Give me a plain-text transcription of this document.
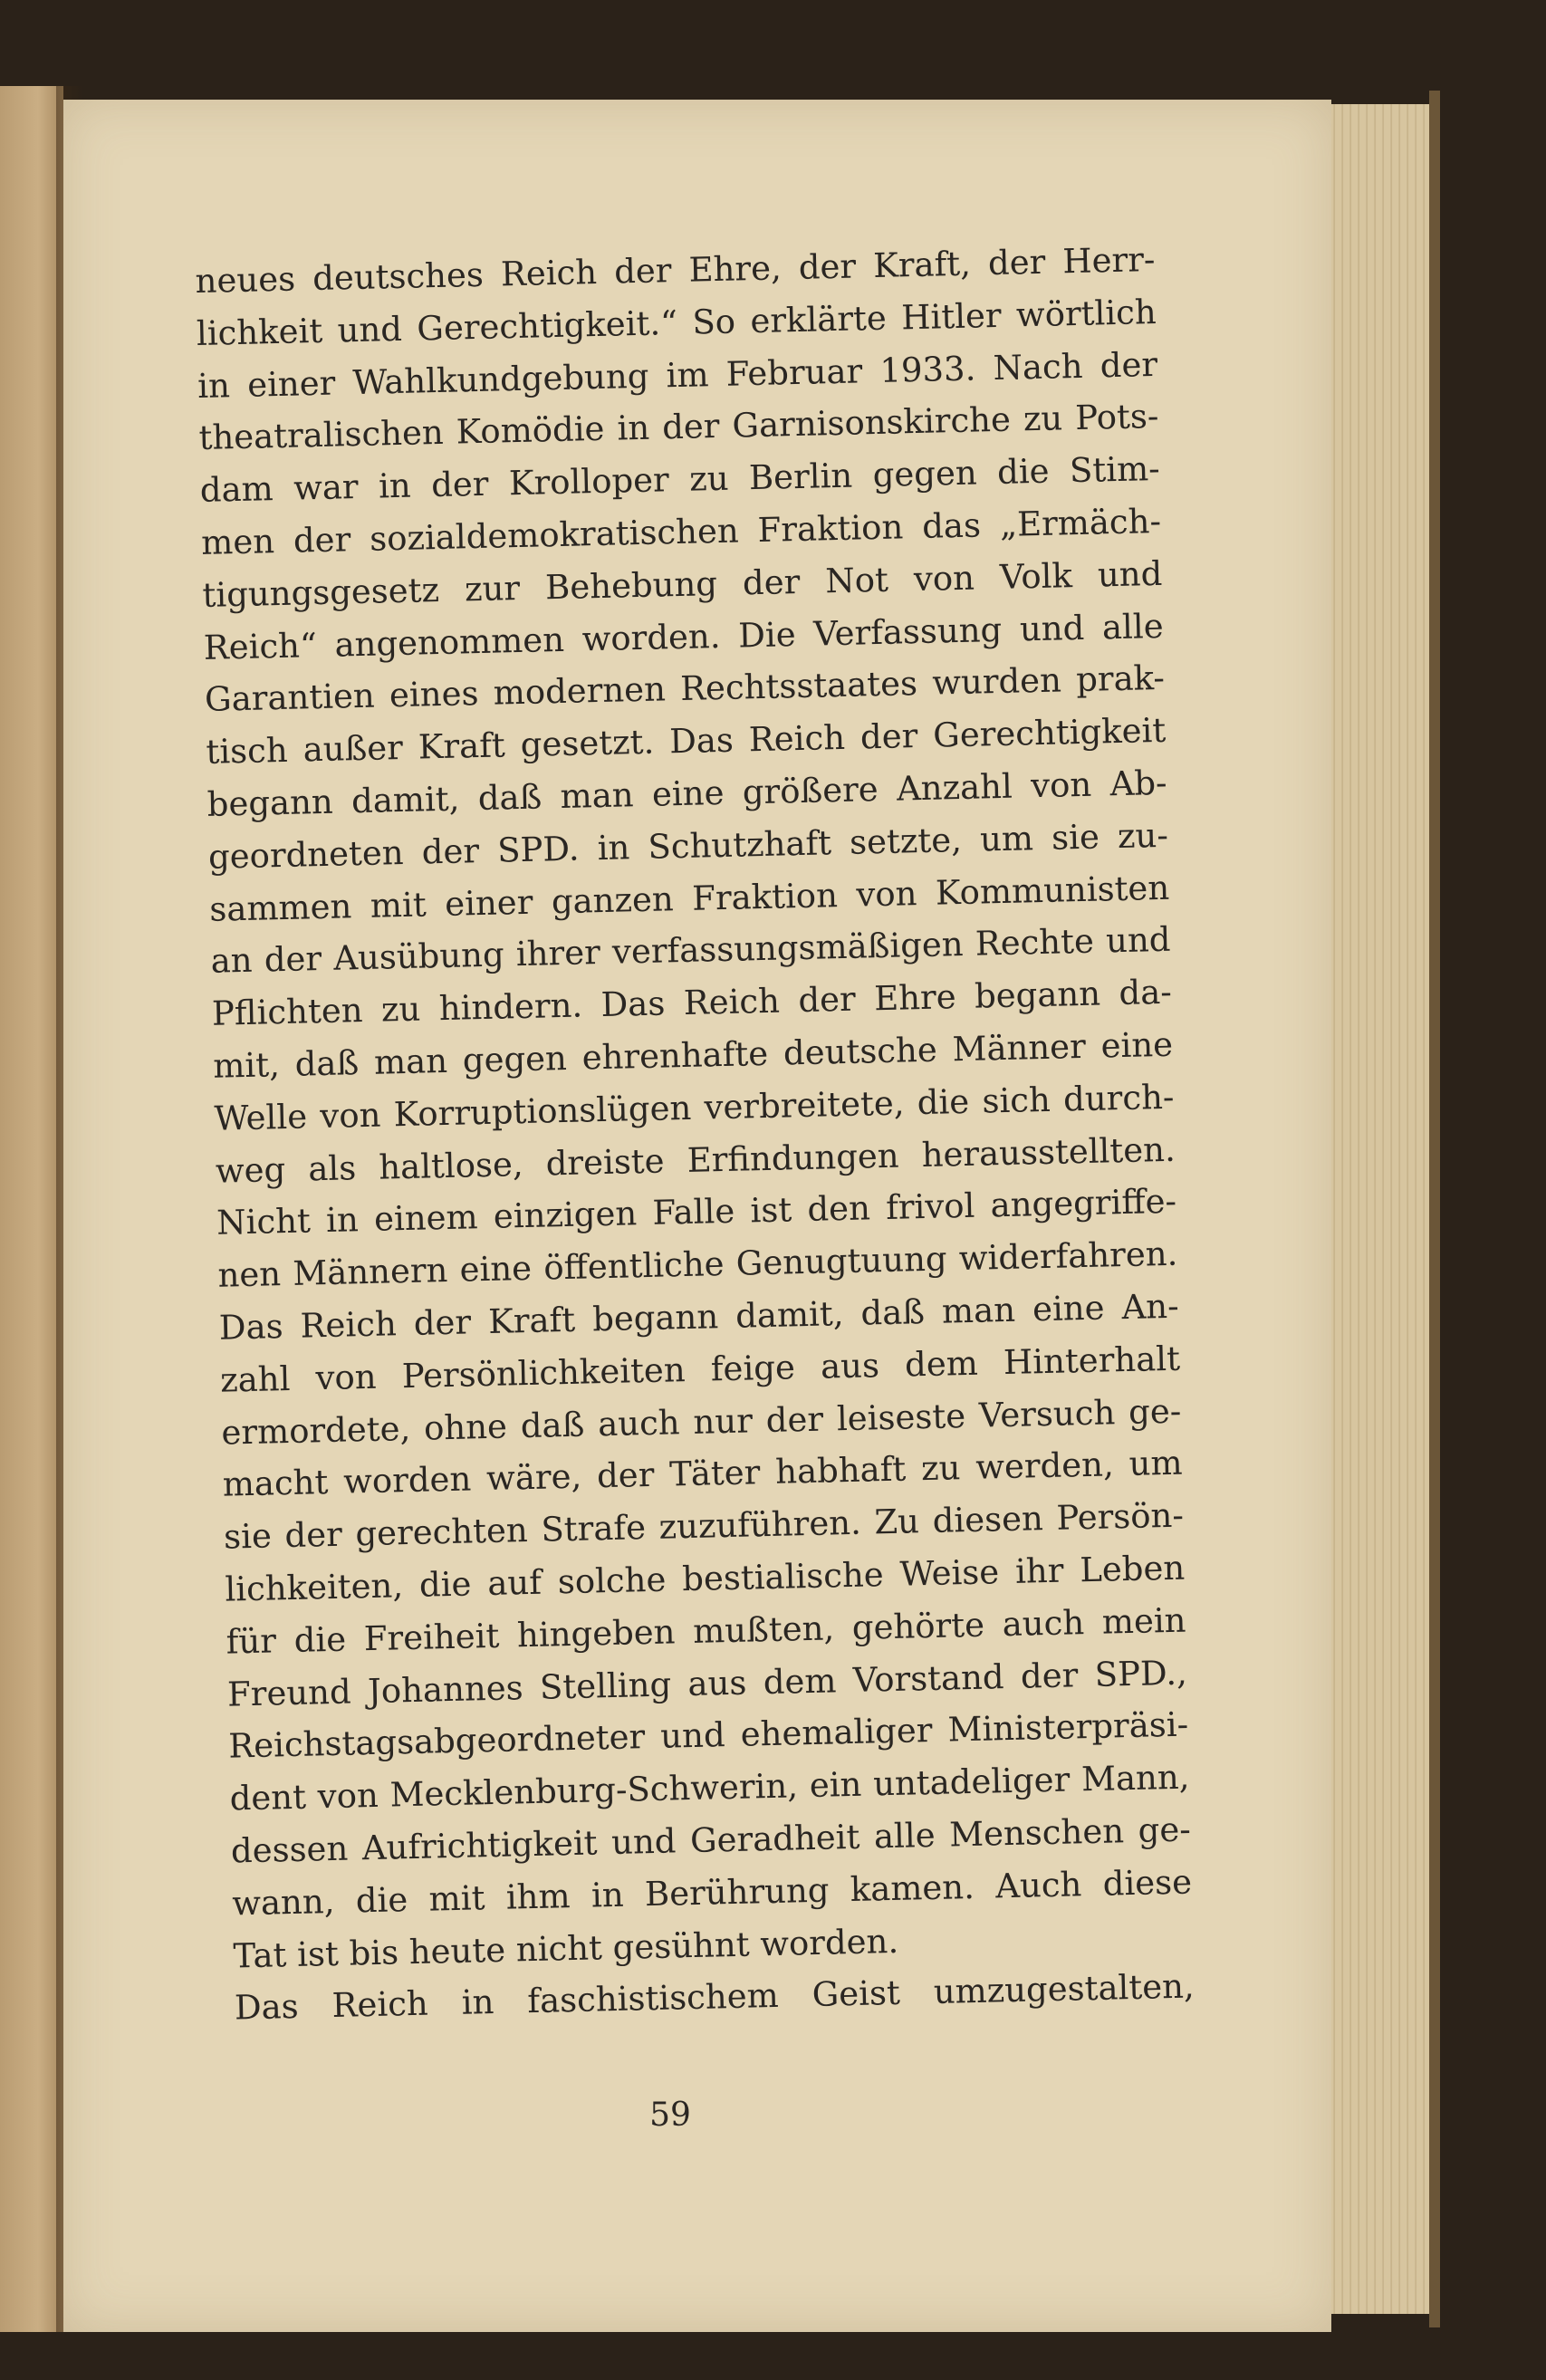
neues deutsches Reich der Ehre, der Kraft, der Herr-
lichkeit und Gerechtigkeit.“ So erklärte Hitler wörtlich
in einer Wahlkundgebung im Februar 1933. Nach der
theatralischen Komödie in der Garnisonskirche zu Pots-
dam war in der Krolloper zu Berlin gegen die Stim-
men der sozialdemokratischen Fraktion das „Ermäch-
tigungsgesetz zur Behebung der Not von Volk und
Reich“ angenommen worden. Die Verfassung und alle
Garantien eines modernen Rechtsstaates wurden prak-
tisch außer Kraft gesetzt. Das Reich der Gerechtigkeit
begann damit, daß man eine größere Anzahl von Ab-
geordneten der SPD. in Schutzhaft setzte, um sie zu-
sammen mit einer ganzen Fraktion von Kommunisten
an der Ausübung ihrer verfassungsmäßigen Rechte und
Pflichten zu hindern. Das Reich der Ehre begann da-
mit, daß man gegen ehrenhafte deutsche Männer eine
Welle von Korruptionslügen verbreitete, die sich durch-
weg als haltlose, dreiste Erfindungen herausstellten.
Nicht in einem einzigen Falle ist den frivol angegriffe-
nen Männern eine öffentliche Genugtuung widerfahren.
Das Reich der Kraft begann damit, daß man eine An-
zahl von Persönlichkeiten feige aus dem Hinterhalt
ermordete, ohne daß auch nur der leiseste Versuch ge-
macht worden wäre, der Täter habhaft zu werden, um
sie der gerechten Strafe zuzuführen. Zu diesen Persön-
lichkeiten, die auf solche bestialische Weise ihr Leben
für die Freiheit hingeben mußten, gehörte auch mein
Freund Johannes Stelling aus dem Vorstand der SPD.,
Reichstagsabgeordneter und ehemaliger Ministerpräsi-
dent von Mecklenburg-Schwerin, ein untadeliger Mann,
dessen Aufrichtigkeit und Geradheit alle Menschen ge-
wann, die mit ihm in Berührung kamen. Auch diese
Tat ist bis heute nicht gesühnt worden.
Das Reich in faschistischem Geist umzugestalten,
59
